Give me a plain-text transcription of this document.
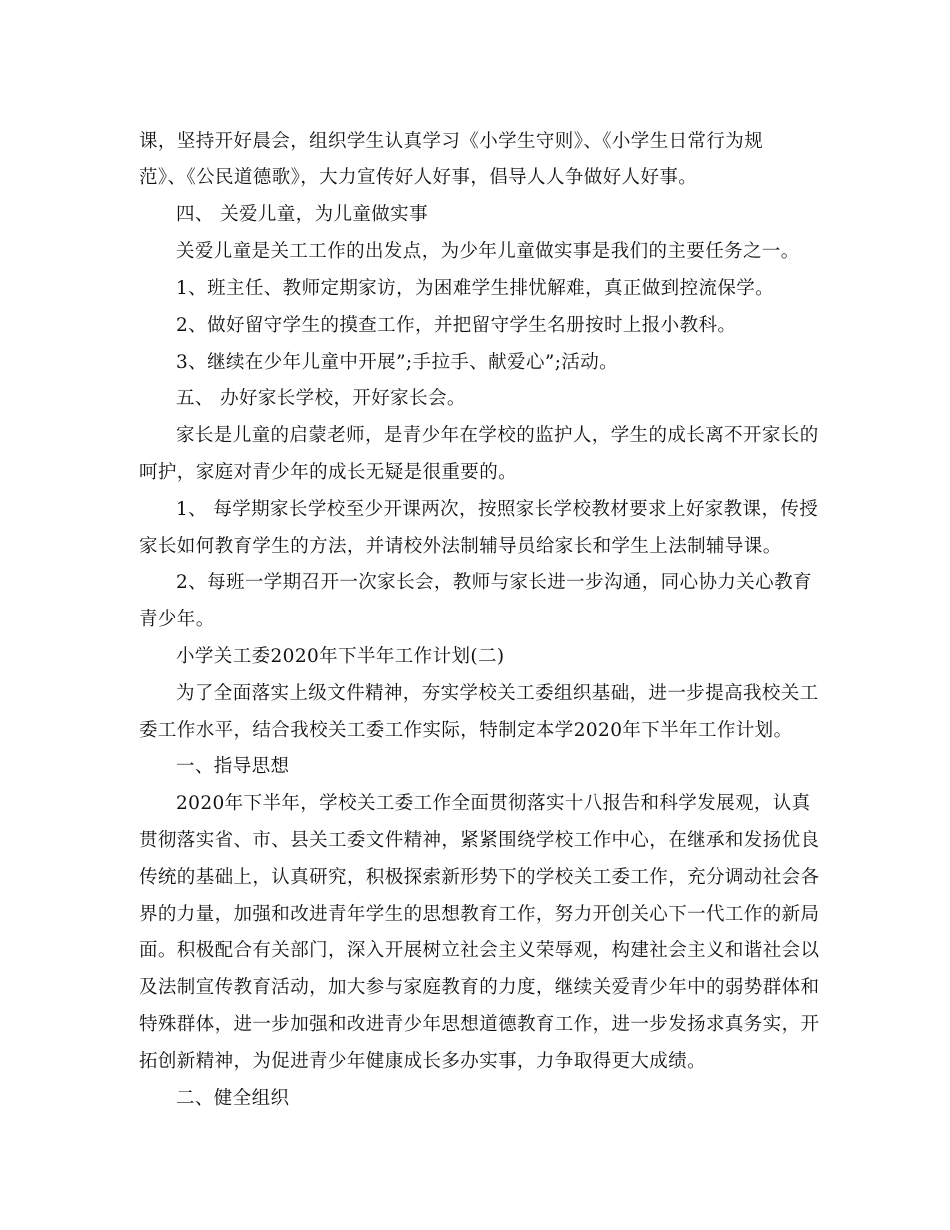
课，坚持开好晨会，组织学生认真学习《小学生守则》、《小学生日常行为规
范》、《公民道德歌》，大力宣传好人好事，倡导人人争做好人好事。
四、 关爱儿童，为儿童做实事
关爱儿童是关工工作的出发点，为少年儿童做实事是我们的主要任务之一。
1、班主任、教师定期家访，为困难学生排忧解难，真正做到控流保学。
2、做好留守学生的摸查工作，并把留守学生名册按时上报小教科。
3、继续在少年儿童中开展”;手拉手、献爱心”;活动。
五、 办好家长学校，开好家长会。
家长是儿童的启蒙老师，是青少年在学校的监护人，学生的成长离不开家长的
呵护，家庭对青少年的成长无疑是很重要的。
1、 每学期家长学校至少开课两次，按照家长学校教材要求上好家教课，传授
家长如何教育学生的方法，并请校外法制辅导员给家长和学生上法制辅导课。
2、每班一学期召开一次家长会，教师与家长进一步沟通，同心协力关心教育
青少年。
小学关工委2020年下半年工作计划(二)
为了全面落实上级文件精神，夯实学校关工委组织基础，进一步提高我校关工
委工作水平，结合我校关工委工作实际，特制定本学2020年下半年工作计划。
一、指导思想
2020年下半年，学校关工委工作全面贯彻落实十八报告和科学发展观，认真
贯彻落实省、市、县关工委文件精神，紧紧围绕学校工作中心，在继承和发扬优良
传统的基础上，认真研究，积极探索新形势下的学校关工委工作，充分调动社会各
界的力量，加强和改进青年学生的思想教育工作，努力开创关心下一代工作的新局
面。积极配合有关部门，深入开展树立社会主义荣辱观，构建社会主义和谐社会以
及法制宣传教育活动，加大参与家庭教育的力度，继续关爱青少年中的弱势群体和
特殊群体，进一步加强和改进青少年思想道德教育工作，进一步发扬求真务实，开
拓创新精神，为促进青少年健康成长多办实事，力争取得更大成绩。
二、健全组织
